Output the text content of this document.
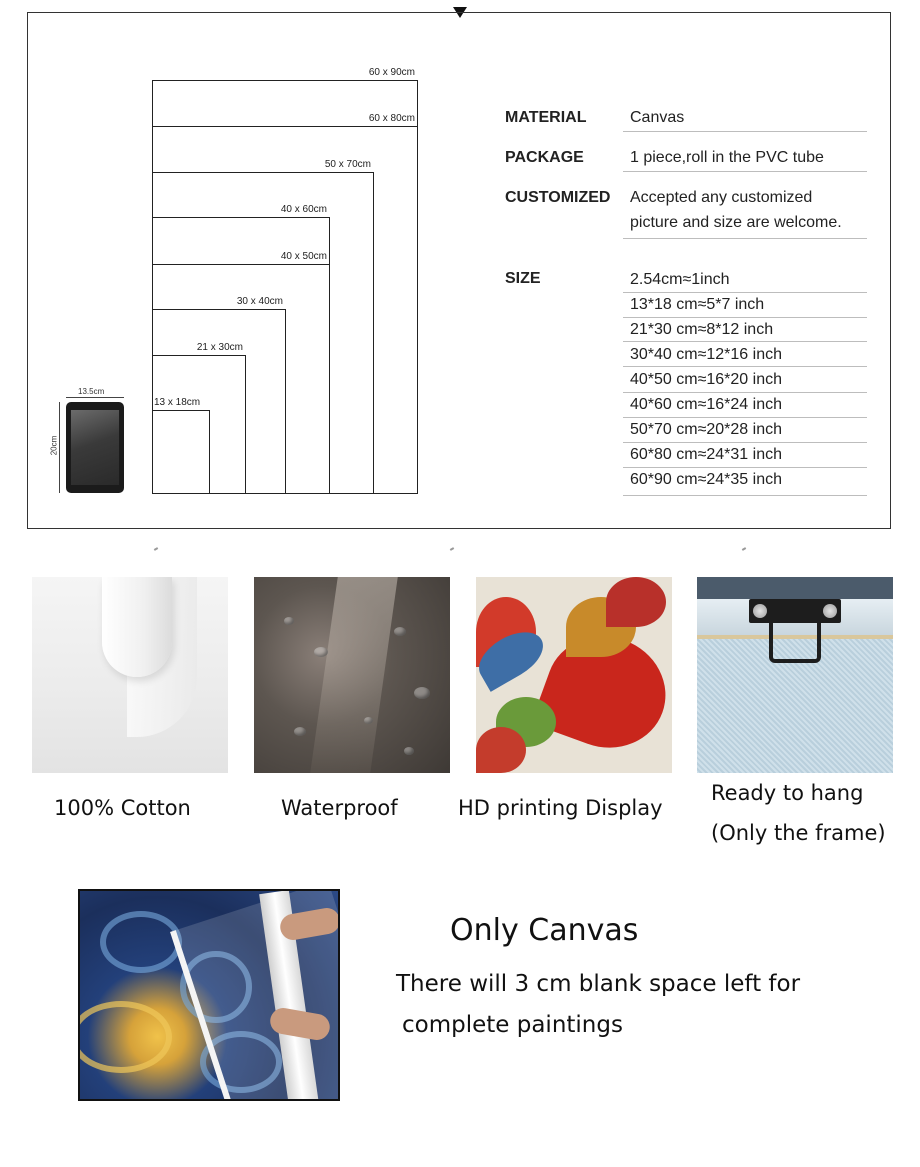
60 x 90cm
60 x 80cm
50 x 70cm
40 x 60cm
40 x 50cm
30 x 40cm
21 x 30cm
13 x 18cm
13.5cm
20cm
MATERIAL	Canvas
PACKAGE	1 piece,roll in the PVC tube
CUSTOMIZED Accepted any customized
picture and size are welcome.
SIZE	2.54cm≈1inch
13*18 cm≈5*7 inch
21*30 cm≈8*12 inch
30*40 cm≈12*16 inch
40*50 cm≈16*20 inch
40*60 cm≈16*24 inch
50*70 cm≈20*28 inch
60*80 cm≈24*31 inch
60*90 cm≈24*35 inch
100% Cotton	Waterproof	HD printing Display
Ready to hang
(Only the frame)
Only Canvas
There will 3 cm blank space left for
complete paintings
